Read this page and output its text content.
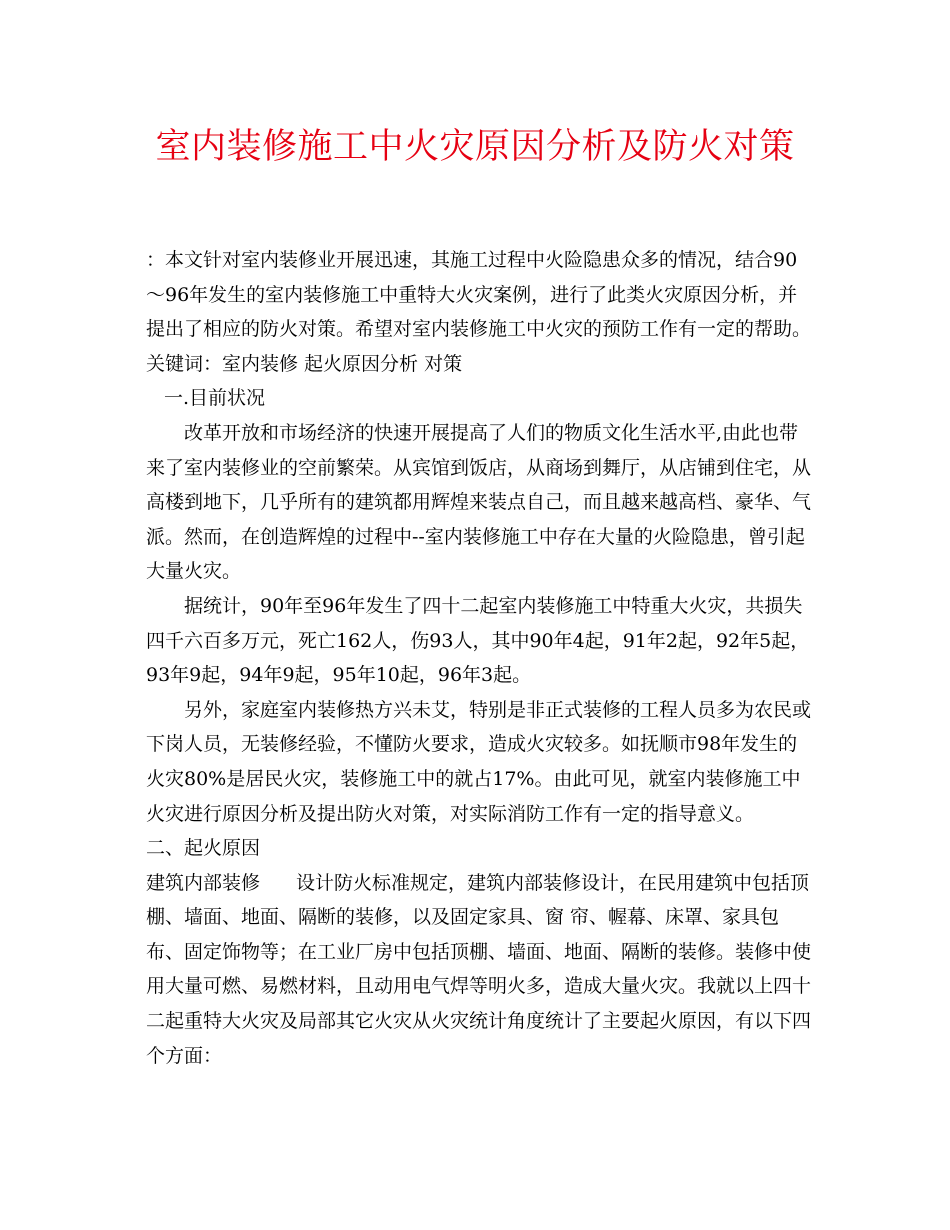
室内装修施工中火灾原因分析及防火对策

：本文针对室内装修业开展迅速，其施工过程中火险隐患众多的情况，结合90～96年发生的室内装修施工中重特大火灾案例，进行了此类火灾原因分析，并提出了相应的防火对策。希望对室内装修施工中火灾的预防工作有一定的帮助。

关键词：室内装修 起火原因分析 对策

一.目前状况

改革开放和市场经济的快速开展提高了人们的物质文化生活水平,由此也带来了室内装修业的空前繁荣。从宾馆到饭店，从商场到舞厅，从店铺到住宅，从高楼到地下，几乎所有的建筑都用辉煌来装点自己，而且越来越高档、豪华、气派。然而，在创造辉煌的过程中--室内装修施工中存在大量的火险隐患，曾引起大量火灾。

据统计，90年至96年发生了四十二起室内装修施工中特重大火灾，共损失四千六百多万元，死亡162人，伤93人，其中90年4起，91年2起，92年5起，93年9起，94年9起，95年10起，96年3起。

另外，家庭室内装修热方兴未艾，特别是非正式装修的工程人员多为农民或下岗人员，无装修经验，不懂防火要求，造成火灾较多。如抚顺市98年发生的火灾80%是居民火灾，装修施工中的就占17%。由此可见，就室内装修施工中火灾进行原因分析及提出防火对策，对实际消防工作有一定的指导意义。

二、起火原因

建筑内部装修 设计防火标准规定，建筑内部装修设计，在民用建筑中包括顶棚、墙面、地面、隔断的装修，以及固定家具、窗 帘、幄幕、床罩、家具包布、固定饰物等；在工业厂房中包括顶棚、墙面、地面、隔断的装修。装修中使用大量可燃、易燃材料，且动用电气焊等明火多，造成大量火灾。我就以上四十二起重特大火灾及局部其它火灾从火灾统计角度统计了主要起火原因，有以下四个方面：
